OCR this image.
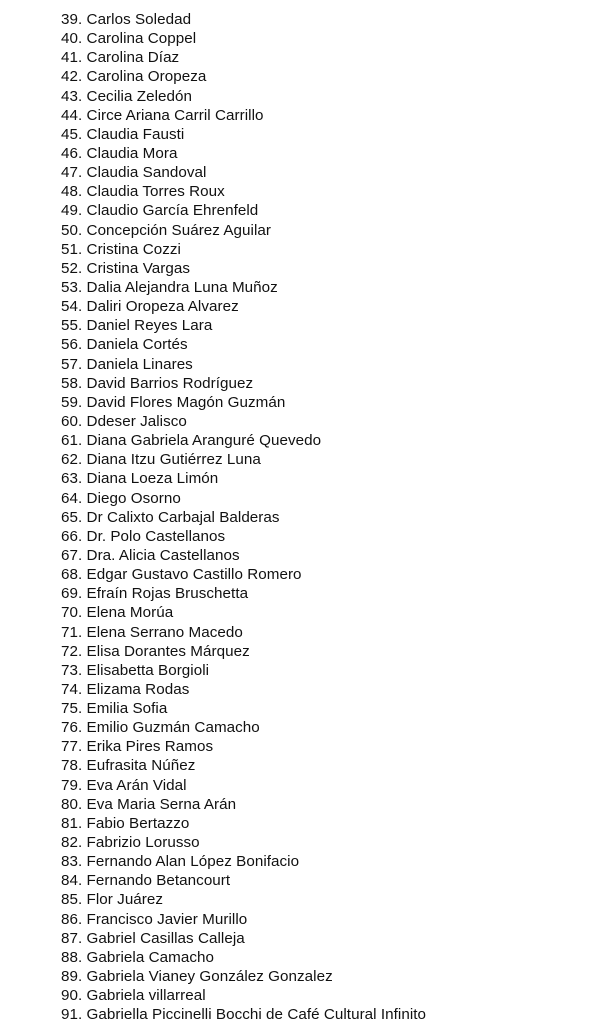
39. Carlos Soledad
40. Carolina Coppel
41. Carolina Díaz
42. Carolina Oropeza
43. Cecilia Zeledón
44. Circe Ariana Carril Carrillo
45. Claudia Fausti
46. Claudia Mora
47. Claudia Sandoval
48. Claudia Torres Roux
49. Claudio García Ehrenfeld
50. Concepción Suárez Aguilar
51. Cristina Cozzi
52. Cristina Vargas
53. Dalia Alejandra Luna Muñoz
54. Daliri Oropeza Alvarez
55. Daniel Reyes Lara
56. Daniela Cortés
57. Daniela Linares
58. David Barrios Rodríguez
59. David Flores Magón Guzmán
60. Ddeser Jalisco
61. Diana Gabriela Aranguré Quevedo
62. Diana Itzu Gutiérrez Luna
63. Diana Loeza Limón
64. Diego Osorno
65. Dr Calixto Carbajal Balderas
66. Dr. Polo Castellanos
67. Dra. Alicia Castellanos
68. Edgar Gustavo Castillo Romero
69. Efraín Rojas Bruschetta
70. Elena Morúa
71. Elena Serrano Macedo
72. Elisa Dorantes Márquez
73. Elisabetta Borgioli
74. Elizama Rodas
75. Emilia Sofia
76. Emilio Guzmán Camacho
77. Erika Pires Ramos
78. Eufrasita Núñez
79. Eva Arán Vidal
80. Eva Maria Serna Arán
81. Fabio Bertazzo
82. Fabrizio Lorusso
83. Fernando Alan López Bonifacio
84. Fernando Betancourt
85. Flor Juárez
86. Francisco Javier Murillo
87. Gabriel Casillas Calleja
88. Gabriela Camacho
89. Gabriela Vianey González Gonzalez
90. Gabriela villarreal
91. Gabriella Piccinelli Bocchi de Café Cultural Infinito
